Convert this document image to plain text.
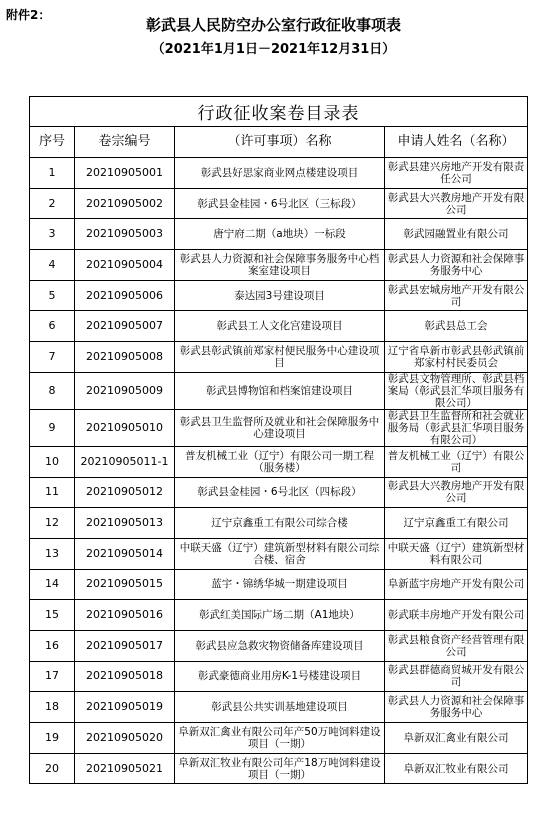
附件2：
彰武县人民防空办公室行政征收事项表
（2021年1月1日－2021年12月31日）
行政征收案卷目录表			
序号	卷宗编号	（许可事项）名称	申请人姓名（名称）
1	20210905001	彰武县好思家商业网点楼建设项目	彰武县建兴房地产开发有限责任公司
2	20210905002	彰武县金桂园・6号北区（三标段）	彰武县大兴教房地产开发有限公司
3	20210905003	唐宁府二期（a地块）一标段	彰武园融置业有限公司
4	20210905004	彰武县人力资源和社会保障事务服务中心档案室建设项目	彰武县人力资源和社会保障事务服务中心
5	20210905006	泰达园3号建设项目	彰武县宏城房地产开发有限公司
6	20210905007	彰武县工人文化宫建设项目	彰武县总工会
7	20210905008	彰武县彰武镇前郑家村便民服务中心建设项目	辽宁省阜新市彰武县彰武镇前郑家村村民委员会
8	20210905009	彰武县博物馆和档案馆建设项目	彰武县文物管理所、彰武县档案局（彰武县汇华项目服务有限公司）
9	20210905010	彰武县卫生监督所及就业和社会保障服务中心建设项目	彰武县卫生监督所和社会就业服务局（彰武县汇华项目服务有限公司）
10	20210905011-1	普友机械工业（辽宁）有限公司一期工程（服务楼）	普友机械工业（辽宁）有限公司
11	20210905012	彰武县金桂园・6号北区（四标段）	彰武县大兴教房地产开发有限公司
12	20210905013	辽宁京鑫重工有限公司综合楼	辽宁京鑫重工有限公司
13	20210905014	中联天盛（辽宁）建筑新型材料有限公司综合楼、宿舍	中联天盛（辽宁）建筑新型材料有限公司
14	20210905015	蓝宇・锦绣华城一期建设项目	阜新蓝宇房地产开发有限公司
15	20210905016	彰武红美国际广场二期（A1地块）	彰武联丰房地产开发有限公司
16	20210905017	彰武县应急救灾物资储备库建设项目	彰武县粮食资产经营管理有限公司
17	20210905018	彰武豪德商业用房K-1号楼建设项目	彰武县群德商贸城开发有限公司
18	20210905019	彰武县公共实训基地建设项目	彰武县人力资源和社会保障事务服务中心
19	20210905020	阜新双汇禽业有限公司年产50万吨饲料建设项目（一期）	阜新双汇禽业有限公司
20	20210905021	阜新双汇牧业有限公司年产18万吨饲料建设项目（一期）	阜新双汇牧业有限公司
